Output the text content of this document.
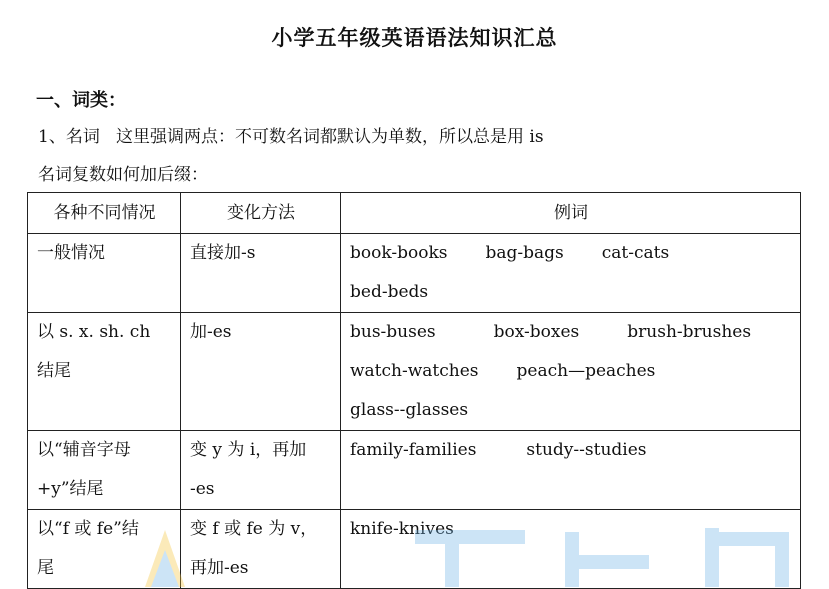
小学五年级英语语法知识汇总
一、词类：
1、名词   这里强调两点：不可数名词都默认为单数，所以总是用 is
名词复数如何加后缀：
各种不同情况	变化方法	例词
一般情况	直接加-s	book-books bag-bags cat-cats
bed-beds
以 s. x. sh. ch
结尾	加-es	bus-buses box-boxes brush-brushes
watch-watches peach—peaches
glass--glasses
以“辅音字母
+y”结尾	变 y 为 i，再加
-es	family-families study--studies
以“f 或 fe”结
尾	变 f 或 fe 为 v，
再加-es	knife-knives
